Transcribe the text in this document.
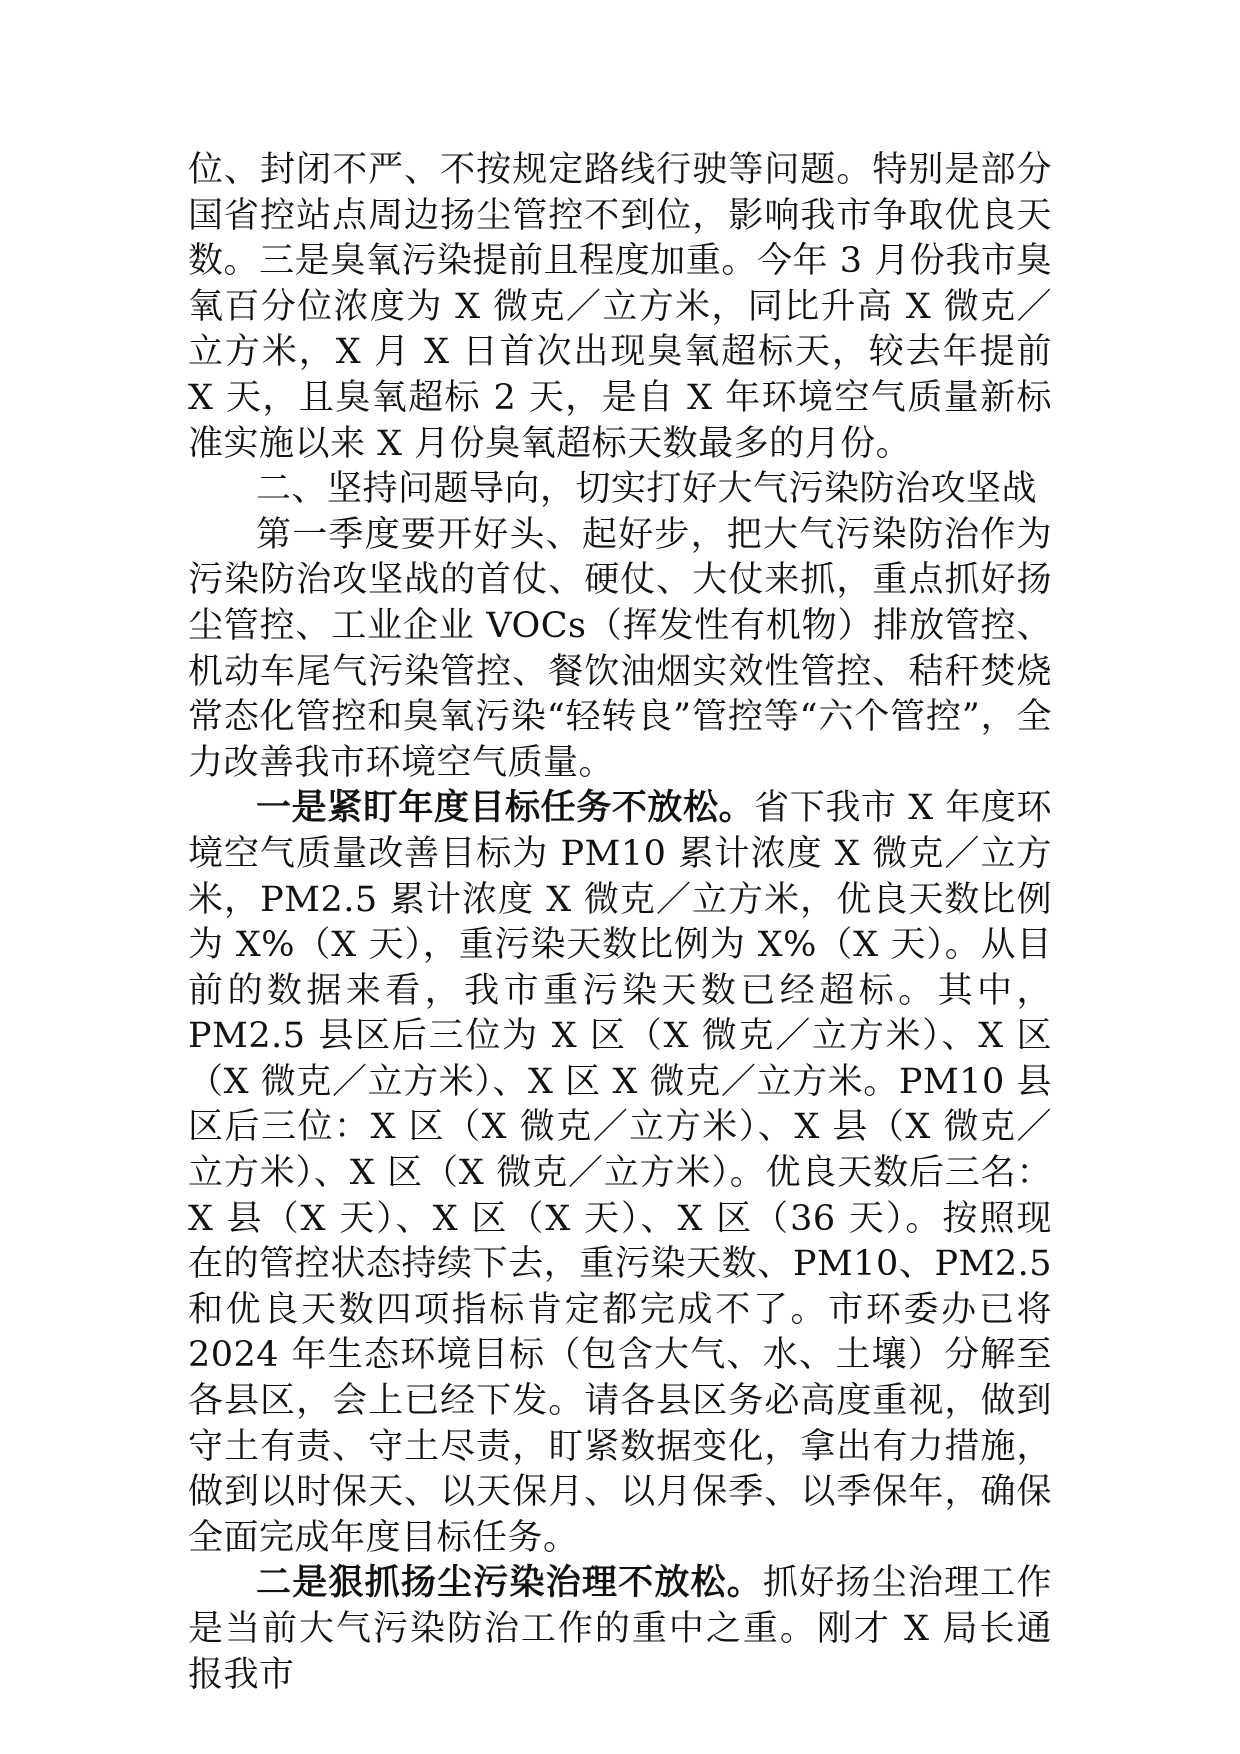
位、封闭不严、不按规定路线行驶等问题。特别是部分国省控站点周边扬尘管控不到位，影响我市争取优良天数。三是臭氧污染提前且程度加重。今年 3 月份我市臭氧百分位浓度为 X 微克／立方米，同比升高 X 微克／立方米，X 月 X 日首次出现臭氧超标天，较去年提前 X 天，且臭氧超标 2 天，是自 X 年环境空气质量新标准实施以来 X 月份臭氧超标天数最多的月份。

二、坚持问题导向，切实打好大气污染防治攻坚战

第一季度要开好头、起好步，把大气污染防治作为污染防治攻坚战的首仗、硬仗、大仗来抓，重点抓好扬尘管控、工业企业 VOCs（挥发性有机物）排放管控、机动车尾气污染管控、餐饮油烟实效性管控、秸秆焚烧常态化管控和臭氧污染“轻转良”管控等“六个管控”，全力改善我市环境空气质量。

一是紧盯年度目标任务不放松。省下我市 X 年度环境空气质量改善目标为 PM10 累计浓度 X 微克／立方米，PM2.5 累计浓度 X 微克／立方米，优良天数比例为 X%（X 天），重污染天数比例为 X%（X 天）。从目前的数据来看，我市重污染天数已经超标。其中，PM2.5 县区后三位为 X 区（X 微克／立方米）、X 区（X 微克／立方米）、X 区 X 微克／立方米。PM10 县区后三位：X 区（X 微克／立方米）、X 县（X 微克／立方米）、X 区（X 微克／立方米）。优良天数后三名：X 县（X 天）、X 区（X 天）、X 区（36 天）。按照现在的管控状态持续下去，重污染天数、PM10、PM2.5 和优良天数四项指标肯定都完成不了。市环委办已将 2024 年生态环境目标（包含大气、水、土壤）分解至各县区，会上已经下发。请各县区务必高度重视，做到守土有责、守土尽责，盯紧数据变化，拿出有力措施，做到以时保天、以天保月、以月保季、以季保年，确保全面完成年度目标任务。

二是狠抓扬尘污染治理不放松。抓好扬尘治理工作是当前大气污染防治工作的重中之重。刚才 X 局长通报我市
